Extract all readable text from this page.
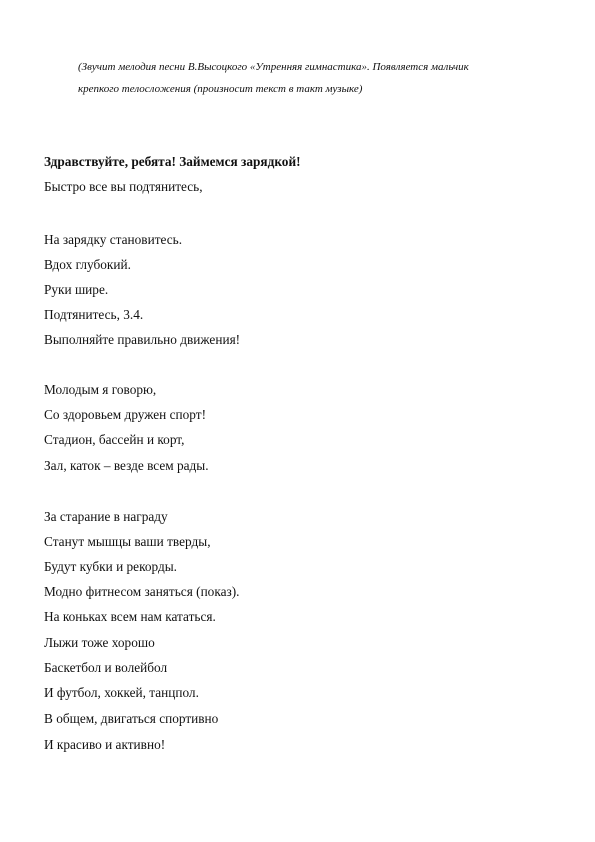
(Звучит мелодия песни В.Высоцкого «Утренняя гимнастика». Появляется мальчик
крепкого телосложения (произносит текст в такт музыке)
Здравствуйте, ребята! Займемся зарядкой!
Быстро все вы подтянитесь,
На зарядку становитесь.
Вдох глубокий.
Руки шире.
Подтянитесь, 3.4.
Выполняйте правильно движения!
Молодым я говорю,
Со здоровьем дружен спорт!
Стадион, бассейн и корт,
Зал, каток – везде всем рады.
За старание в награду
Станут мышцы ваши тверды,
Будут кубки и рекорды.
Модно фитнесом заняться (показ).
На коньках всем нам кататься.
Лыжи тоже хорошо
Баскетбол и волейбол
И футбол, хоккей, танцпол.
В общем, двигаться спортивно
И красиво и активно!
